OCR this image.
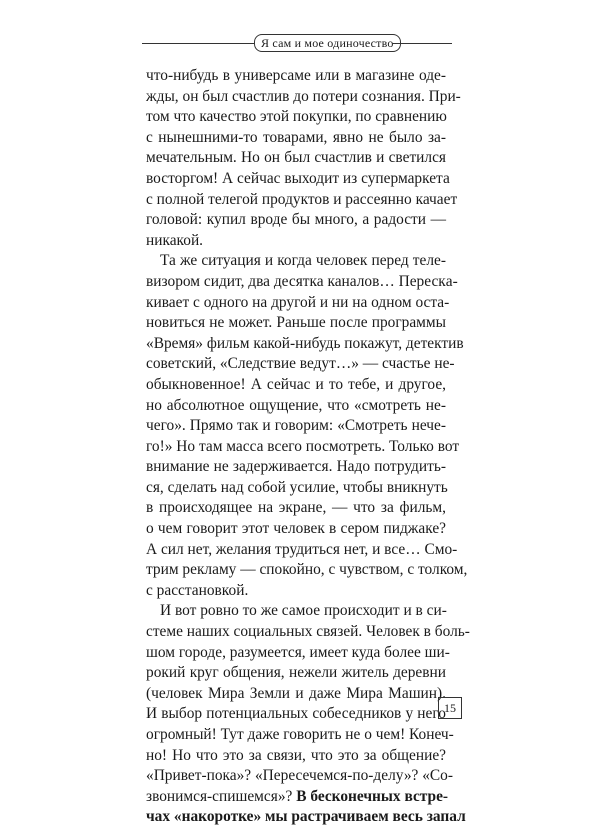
Я сам и мое одиночество
что-нибудь в универсаме или в магазине оде-
жды, он был счастлив до потери сознания. При-
том что качество этой покупки, по сравнению
с нынешними-то товарами, явно не было за-
мечательным. Но он был счастлив и светился
восторгом! А сейчас выходит из супермаркета
с полной телегой продуктов и рассеянно качает
головой: купил вроде бы много, а радости —
никакой.
Та же ситуация и когда человек перед теле-
визором сидит, два десятка каналов… Перескa-
кивает с одного на другой и ни на одном оста-
новиться не может. Раньше после программы
«Время» фильм какой-нибудь покажут, детектив
советский, «Следствие ведут…» — счастье не-
обыкновенное! А сейчас и то тебе, и другое,
но абсолютное ощущение, что «смотреть не-
чего». Прямо так и говорим: «Смотреть нече-
го!» Но там масса всего посмотреть. Только вот
внимание не задерживается. Надо потрудить-
ся, сделать над собой усилие, чтобы вникнуть
в происходящее на экране, — что за фильм,
о чем говорит этот человек в сером пиджаке?
А сил нет, желания трудиться нет, и все… Смо-
трим рекламу — спокойно, с чувством, с толком,
с расстановкой.
И вот ровно то же самое происходит и в си-
стеме наших социальных связей. Человек в боль-
шом городе, разумеется, имеет куда более ши-
рокий круг общения, нежели житель деревни
(человек Мира Земли и даже Мира Машин).
И выбор потенциальных собеседников у него
огромный! Тут даже говорить не о чем! Конеч-
но! Но что это за связи, что это за общение?
«Привет-пока»? «Пересечемся-по-делу»? «Со-
звонимся-спишемся»? В бесконечных встре-
чах «накоротке» мы растрачиваем весь запал
15
